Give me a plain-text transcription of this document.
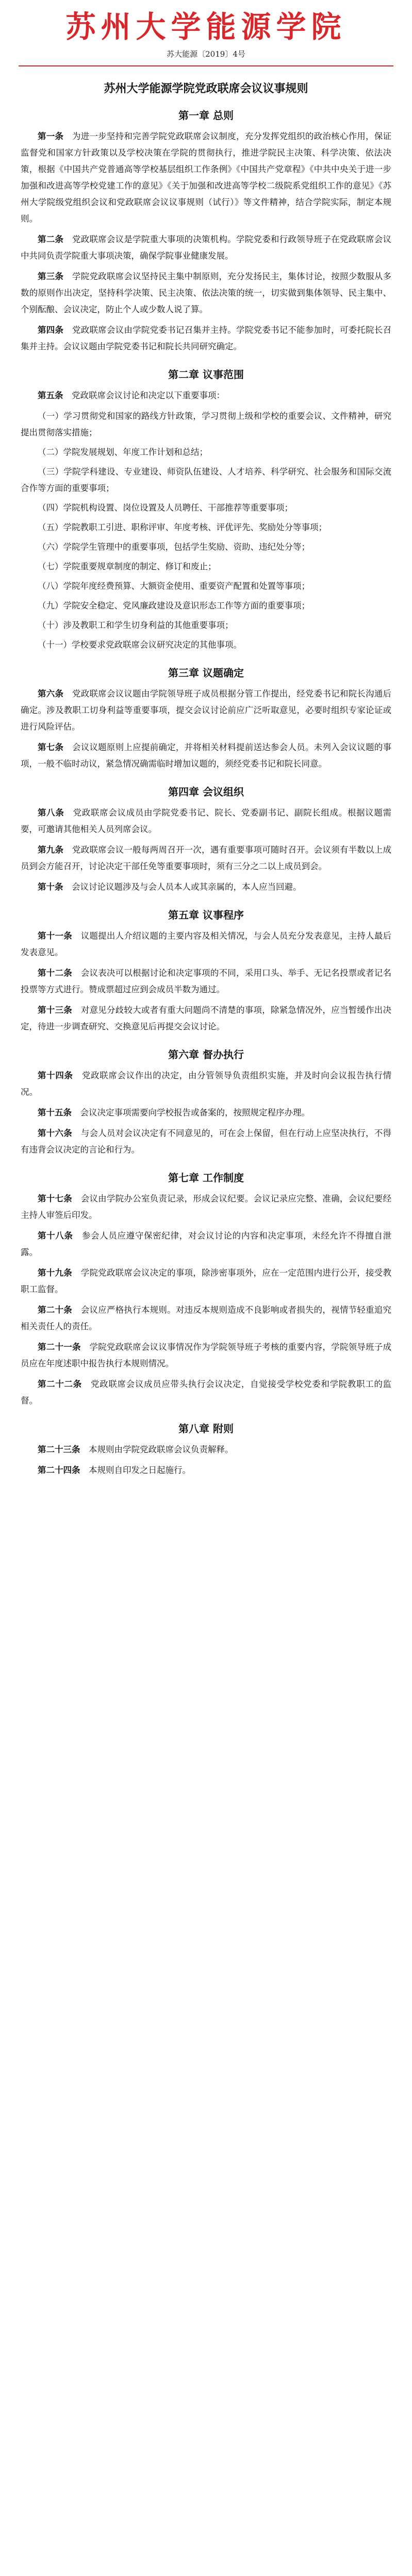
苏州大学能源学院
苏大能源〔2019〕4号
苏州大学能源学院党政联席会议议事规则
第一章 总则

第一条　 为进一步坚持和完善学院党政联席会议制度，充分发挥党组织的政治核心作用，保证监督党和国家方针政策以及学校决策在学院的贯彻执行，推进学院民主决策、科学决策、依法决策，根据《中国共产党普通高等学校基层组织工作条例》《中国共产党章程》《中共中央关于进一步加强和改进高等学校党建工作的意见》《关于加强和改进高等学校二级院系党组织工作的意见》《苏州大学院级党组织会议和党政联席会议议事规则（试行）》等文件精神，结合学院实际，制定本规则。

第二条　 党政联席会议是学院重大事项的决策机构。学院党委和行政领导班子在党政联席会议中共同负责学院重大事项决策，确保学院事业健康发展。

第三条　 学院党政联席会议坚持民主集中制原则，充分发扬民主，集体讨论，按照少数服从多数的原则作出决定，坚持科学决策、民主决策、依法决策的统一，切实做到集体领导、民主集中、个别酝酿、会议决定，防止个人或少数人说了算。

第四条　 党政联席会议由学院党委书记召集并主持。学院党委书记不能参加时，可委托院长召集并主持。会议议题由学院党委书记和院长共同研究确定。

第二章 议事范围

第五条　 党政联席会议讨论和决定以下重要事项：

（一）学习贯彻党和国家的路线方针政策，学习贯彻上级和学校的重要会议、文件精神，研究提出贯彻落实措施；

（二）学院发展规划、年度工作计划和总结；

（三）学院学科建设、专业建设、师资队伍建设、人才培养、科学研究、社会服务和国际交流合作等方面的重要事项；

（四）学院机构设置、岗位设置及人员聘任、干部推荐等重要事项；

（五）学院教职工引进、职称评审、年度考核、评优评先、奖励处分等事项；

（六）学院学生管理中的重要事项，包括学生奖励、资助、违纪处分等；

（七）学院重要规章制度的制定、修订和废止；

（八）学院年度经费预算、大额资金使用、重要资产配置和处置等事项；

（九）学院安全稳定、党风廉政建设及意识形态工作等方面的重要事项；

（十）涉及教职工和学生切身利益的其他重要事项；

（十一）学校要求党政联席会议研究决定的其他事项。

第三章 议题确定

第六条　 党政联席会议议题由学院领导班子成员根据分管工作提出，经党委书记和院长沟通后确定。涉及教职工切身利益等重要事项，提交会议讨论前应广泛听取意见，必要时组织专家论证或进行风险评估。

第七条　 会议议题原则上应提前确定，并将相关材料提前送达参会人员。未列入会议议题的事项，一般不临时动议，紧急情况确需临时增加议题的，须经党委书记和院长同意。

第四章 会议组织

第八条　 党政联席会议成员由学院党委书记、院长、党委副书记、副院长组成。根据议题需要，可邀请其他相关人员列席会议。

第九条　 党政联席会议一般每两周召开一次，遇有重要事项可随时召开。会议须有半数以上成员到会方能召开，讨论决定干部任免等重要事项时，须有三分之二以上成员到会。

第十条　 会议讨论议题涉及与会人员本人或其亲属的，本人应当回避。

第五章 议事程序

第十一条　 议题提出人介绍议题的主要内容及相关情况，与会人员充分发表意见，主持人最后发表意见。

第十二条　 会议表决可以根据讨论和决定事项的不同，采用口头、举手、无记名投票或者记名投票等方式进行。赞成票超过应到会成员半数为通过。

第十三条　 对意见分歧较大或者有重大问题尚不清楚的事项，除紧急情况外，应当暂缓作出决定，待进一步调查研究、交换意见后再提交会议讨论。

第六章 督办执行

第十四条　 党政联席会议作出的决定，由分管领导负责组织实施，并及时向会议报告执行情况。

第十五条　 会议决定事项需要向学校报告或备案的，按照规定程序办理。

第十六条　 与会人员对会议决定有不同意见的，可在会上保留，但在行动上应坚决执行，不得有违背会议决定的言论和行为。

第七章 工作制度

第十七条　 会议由学院办公室负责记录，形成会议纪要。会议记录应完整、准确，会议纪要经主持人审签后印发。

第十八条　 参会人员应遵守保密纪律，对会议讨论的内容和决定事项，未经允许不得擅自泄露。

第十九条　 学院党政联席会议决定的事项，除涉密事项外，应在一定范围内进行公开，接受教职工监督。

第二十条　 会议应严格执行本规则。对违反本规则造成不良影响或者损失的，视情节轻重追究相关责任人的责任。

第二十一条　 学院党政联席会议议事情况作为学院领导班子考核的重要内容，学院领导班子成员应在年度述职中报告执行本规则情况。

第二十二条　 党政联席会议成员应带头执行会议决定，自觉接受学校党委和学院教职工的监督。

第八章 附则

第二十三条　 本规则由学院党政联席会议负责解释。

第二十四条　 本规则自印发之日起施行。
